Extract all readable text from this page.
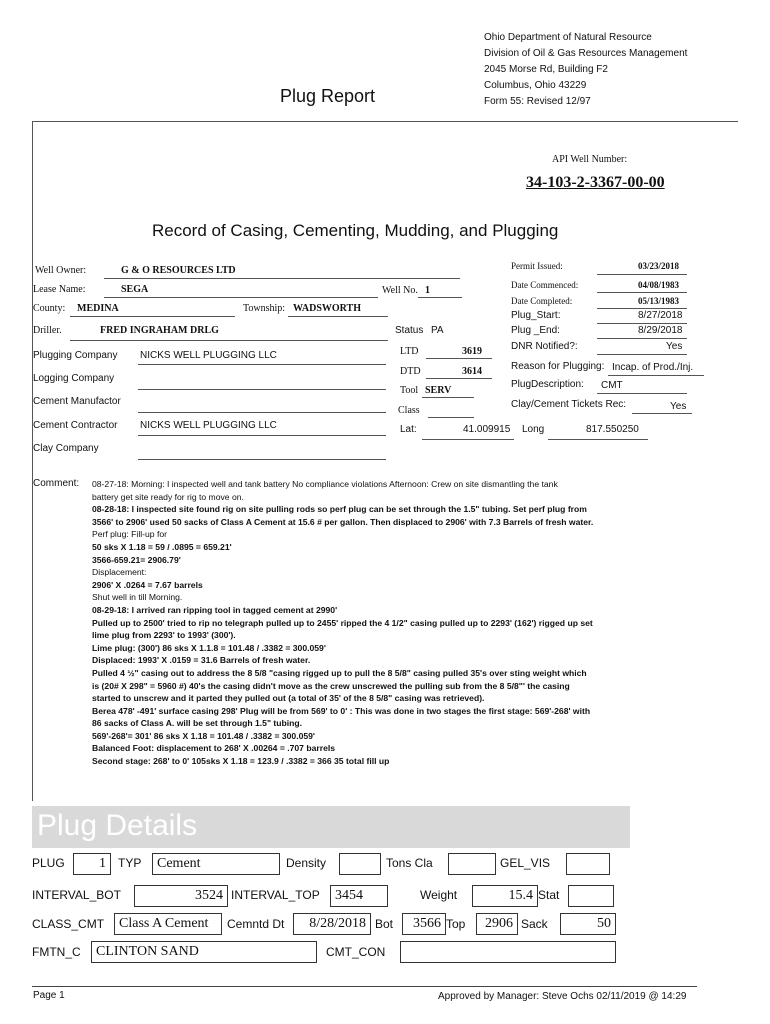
Plug Report
Ohio Department of Natural Resource
Division of Oil & Gas Resources Management
2045 Morse Rd, Building F2
Columbus, Ohio 43229
Form 55: Revised 12/97
API Well Number:
34-103-2-3367-00-00
Record of Casing, Cementing, Mudding, and Plugging
Well Owner:	G & O RESOURCES LTD
Lease Name:	SEGA	Well No. 1
County: MEDINA	Township: WADSWORTH
Driller.	FRED INGRAHAM DRLG	Status PA
Plugging Company NICKS WELL PLUGGING LLC
Logging Company
Cement Manufactor
Cement Contractor NICKS WELL PLUGGING LLC
Clay Company
LTD	3619
DTD	3614
Tool SERV
Class
Lat:	41.009915 Long	817.550250
Permit Issued:	03/23/2018
Date Commenced:	04/08/1983
Date Completed:	05/13/1983
Plug_Start:	8/27/2018
Plug _End:	8/29/2018
DNR Notified?:	Yes
Reason for Plugging: Incap. of Prod./Inj.
PlugDescription: CMT
Clay/Cement Tickets Rec:	Yes
Comment: 08-27-18: Morning: I inspected well and tank battery No compliance violations Afternoon: Crew on site dismantling the tank
battery get site ready for rig to move on.
08-28-18: I inspected site found rig on site pulling rods so perf plug can be set through the 1.5" tubing. Set perf plug from
3566' to 2906' used 50 sacks of Class A Cement at 15.6 # per gallon. Then displaced to 2906' with 7.3 Barrels of fresh water.
Perf plug: Fill-up for
50 sks X 1.18 = 59 / .0895 = 659.21'
3566-659.21= 2906.79'
Displacement:
2906' X .0264 = 7.67 barrels
Shut well in till Morning.
08-29-18: I arrived ran ripping tool in tagged cement at 2990'
Pulled up to 2500' tried to rip no telegraph pulled up to 2455' ripped the 4 1/2" casing pulled up to 2293' (162') rigged up set
lime plug from 2293' to 1993' (300').
Lime plug: (300') 86 sks X 1.1.8 = 101.48 / .3382 = 300.059'
Displaced: 1993' X .0159 = 31.6 Barrels of fresh water.
Pulled 4 ½" casing out to address the 8 5/8 "casing rigged up to pull the 8 5/8" casing pulled 35's over sting weight which
is (20# X 298" = 5960 #) 40's the casing didn't move as the crew unscrewed the pulling sub from the 8 5/8"' the casing
started to unscrew and it parted they pulled out (a total of 35' of the 8 5/8" casing was retrieved).
Berea 478' -491' surface casing 298' Plug will be from 569' to 0' : This was done in two stages the first stage: 569'-268' with
86 sacks of Class A. will be set through 1.5" tubing.
569'-268'= 301' 86 sks X 1.18 = 101.48 / .3382 = 300.059'
Balanced Foot: displacement to 268' X .00264 = .707 barrels
Second stage: 268' to 0' 105sks X 1.18 = 123.9 / .3382 = 366 35 total fill up
Plug Details
PLUG	1	TYP	Cement	Density	Tons Cla	GEL_VIS
INTERVAL_BOT	3524 INTERVAL_TOP	3454	Weight	15.4 Stat
CLASS_CMT	Class A Cement	Cemntd Dt	8/28/2018 Bot	3566 Top	2906 Sack	50
FMTN_C	CLINTON SAND	CMT_CON
Page 1	Approved by Manager: Steve Ochs 02/11/2019 @ 14:29
